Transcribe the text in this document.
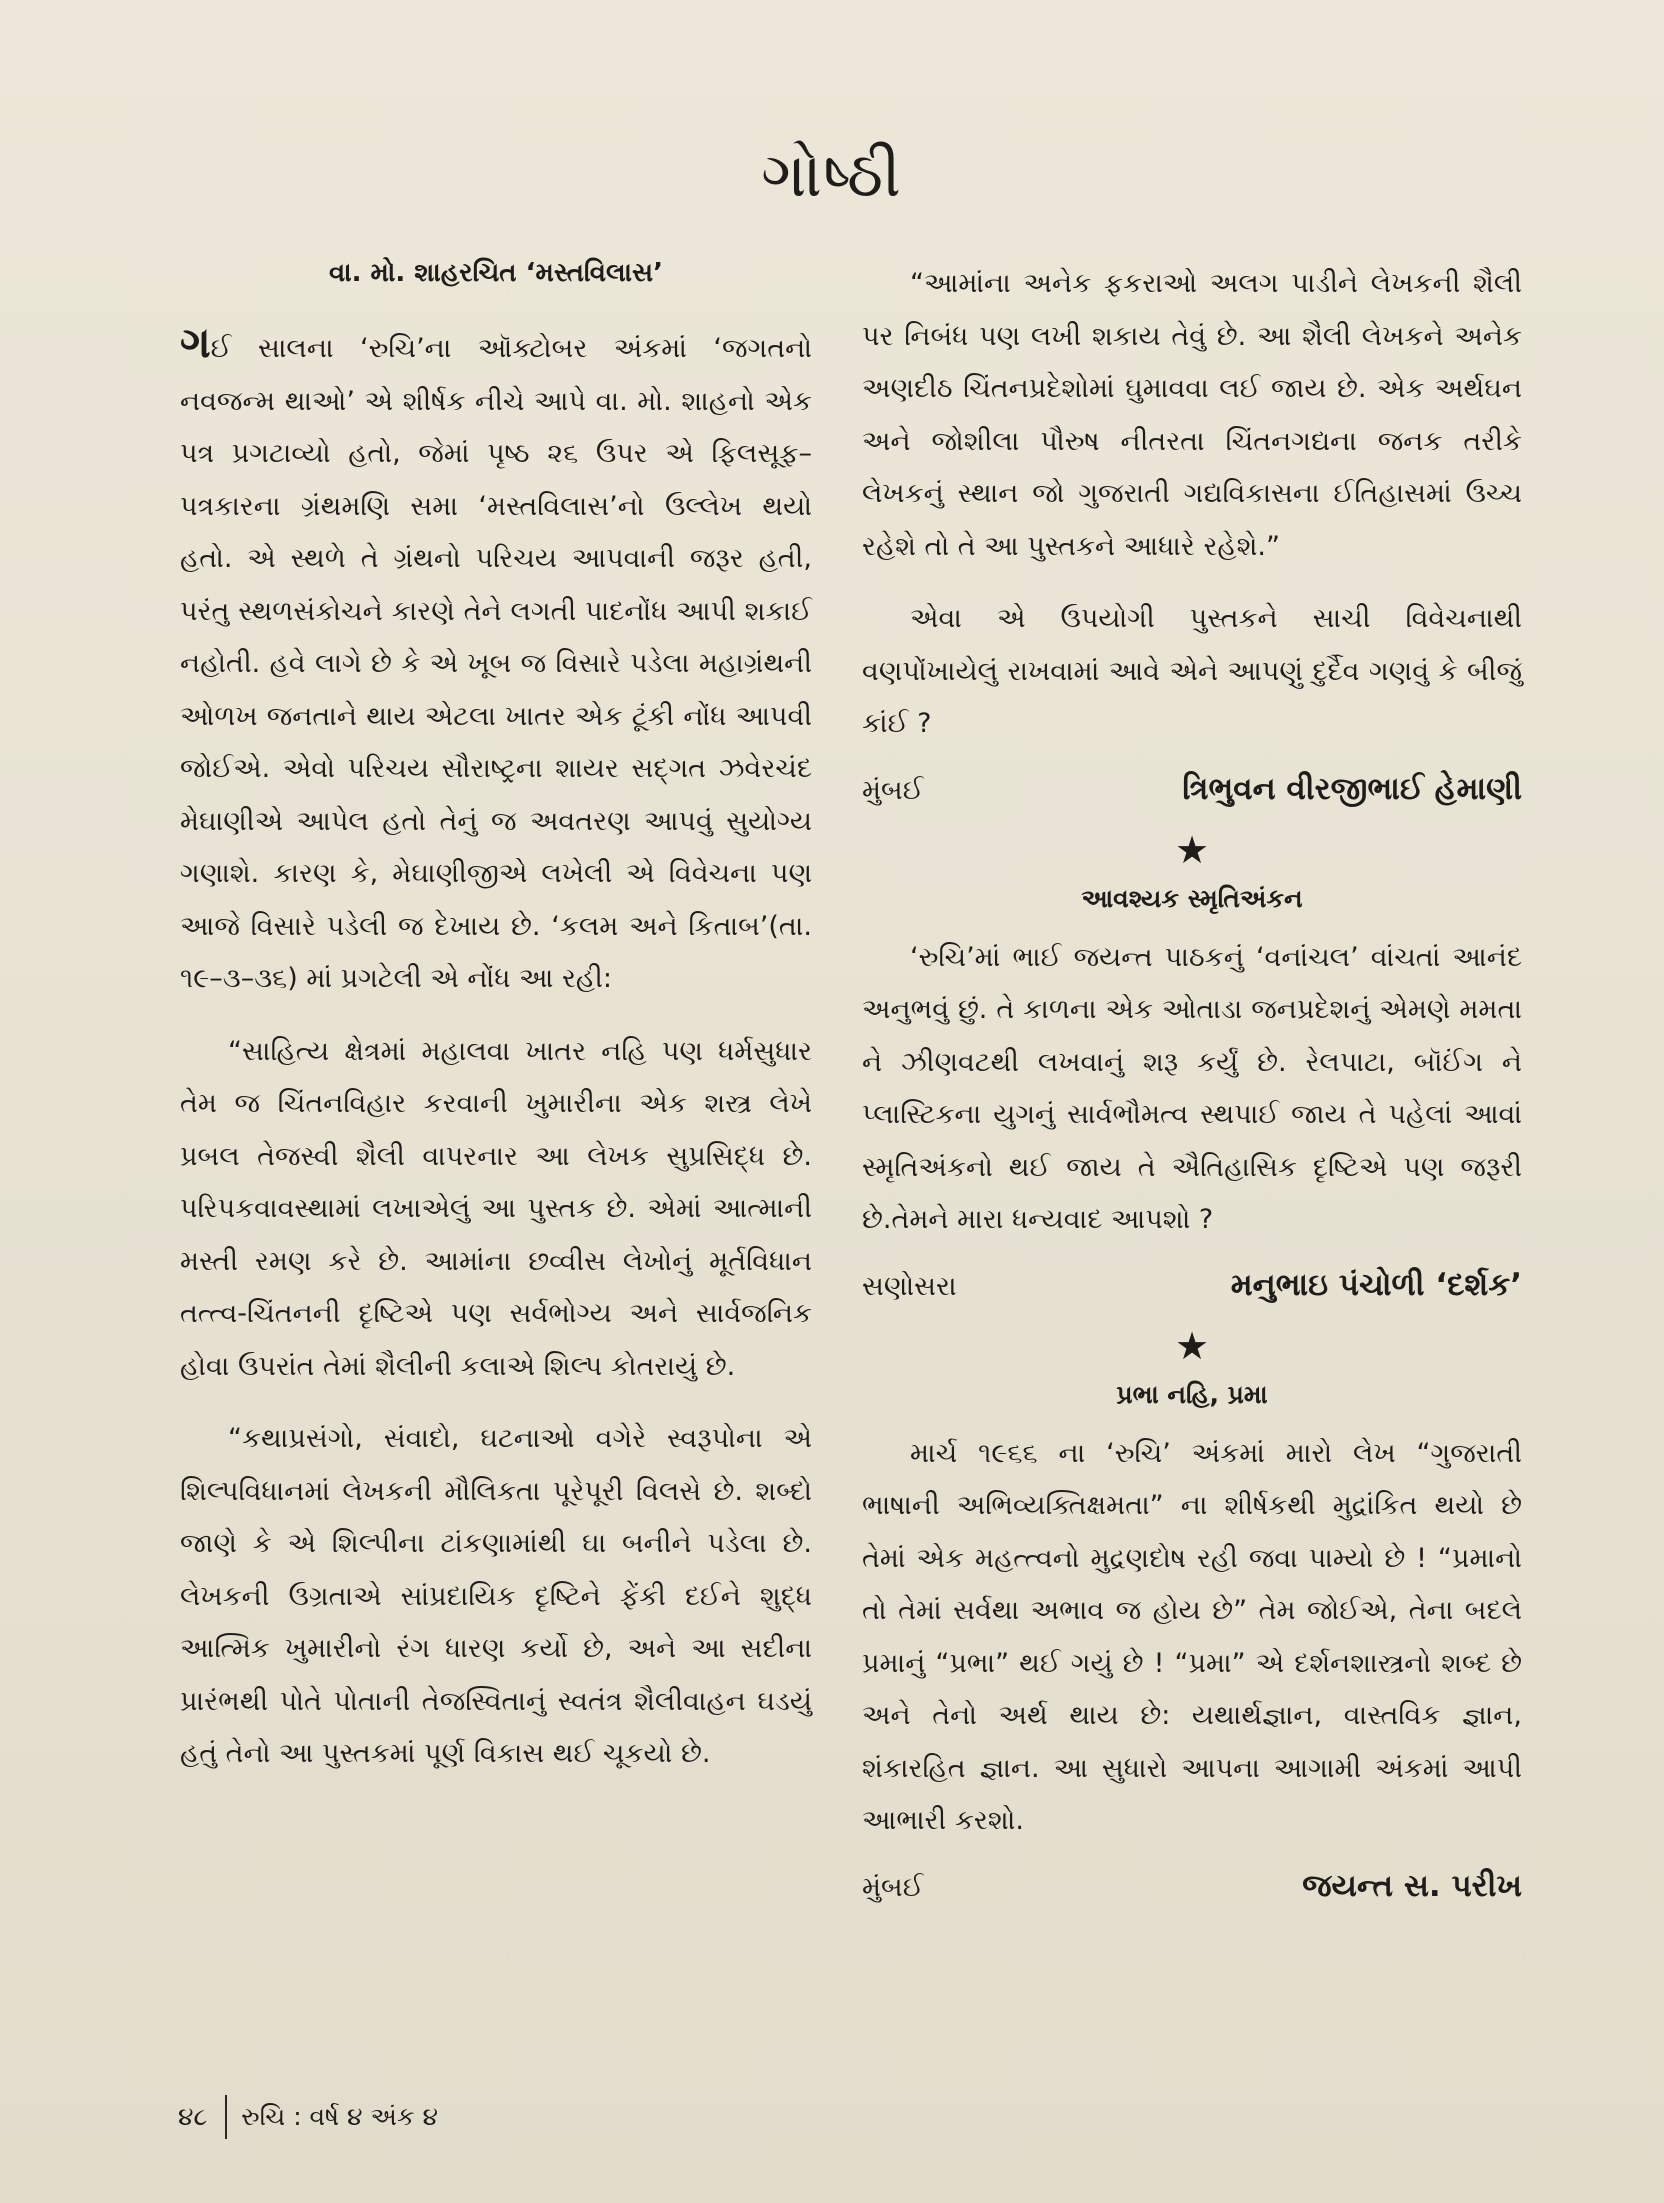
ગોષ્ઠી
વા. મો. શાહરચિત ‘મસ્તવિલાસ’

ગઈ સાલના ‘રુચિ’ના ઑક્ટોબર અંકમાં ‘જગતનો નવજન્મ થાઓ’ એ શીર્ષક નીચે આપે વા. મો. શાહનો એક પત્ર પ્રગટાવ્યો હતો, જેમાં પૃષ્ઠ ૨૬ ઉપર એ ફિલસૂફ–પત્રકારના ગ્રંથમણિ સમા ‘મસ્તવિલાસ’નો ઉલ્લેખ થયો હતો. એ સ્થળે તે ગ્રંથનો પરિચય આપવાની જરૂર હતી, પરંતુ સ્થળસંકોચને કારણે તેને લગતી પાદનોંધ આપી શકાઈ નહોતી. હવે લાગે છે કે એ ખૂબ જ વિસારે પડેલા મહાગ્રંથની ઓળખ જનતાને થાય એટલા ખાતર એક ટૂંકી નોંધ આપવી જોઈએ. એવો પરિચય સૌરાષ્ટ્રના શાયર સદ્‌ગત ઝવેરચંદ મેઘાણીએ આપેલ હતો તેનું જ અવતરણ આપવું સુયોગ્ય ગણાશે. કારણ કે, મેઘાણીજીએ લખેલી એ વિવેચના પણ આજે વિસારે પડેલી જ દેખાય છે. ‘કલમ અને કિતાબ’(તા. ૧૯–૩–૩૬) માં પ્રગટેલી એ નોંધ આ રહી:

“સાહિત્ય ક્ષેત્રમાં મહાલવા ખાતર નહિ પણ ધર્મસુધાર તેમ જ ચિંતનવિહાર કરવાની ખુમારીના એક શસ્ત્ર લેખે પ્રબલ તેજસ્વી શૈલી વાપરનાર આ લેખક સુપ્રસિદ્ધ છે. પરિપકવાવસ્થામાં લખાએલું આ પુસ્તક છે. એમાં આત્માની મસ્તી રમણ કરે છે. આમાંના છવ્વીસ લેખોનું મૂર્તવિધાન તત્ત્વ-ચિંતનની દૃષ્ટિએ પણ સર્વભોગ્ય અને સાર્વજનિક હોવા ઉપરાંત તેમાં શૈલીની કલાએ શિલ્પ કોતરાયું છે.

“કથાપ્રસંગો, સંવાદો, ઘટનાઓ વગેરે સ્વરૂપોના એ શિલ્પવિધાનમાં લેખકની મૌલિકતા પૂરેપૂરી વિલસે છે. શબ્દો જાણે કે એ શિલ્પીના ટાંકણામાંથી ઘા બનીને પડેલા છે. લેખકની ઉગ્રતાએ સાંપ્રદાયિક દૃષ્ટિને ફેંકી દઈને શુદ્ધ આત્મિક ખુમારીનો રંગ ધારણ કર્યો છે, અને આ સદીના પ્રારંભથી પોતે પોતાની તેજસ્વિતાનું સ્વતંત્ર શૈલીવાહન ઘડયું હતું તેનો આ પુસ્તકમાં પૂર્ણ વિકાસ થઈ ચૂકયો છે.

“આમાંના અનેક ફકરાઓ અલગ પાડીને લેખકની શૈલી પર નિબંધ પણ લખી શકાય તેવું છે. આ શૈલી લેખકને અનેક અણદીઠ ચિંતનપ્રદેશોમાં ઘુમાવવા લઈ જાય છે. એક અર્થઘન અને જોશીલા પૌરુષ નીતરતા ચિંતનગદ્યના જનક તરીકે લેખકનું સ્થાન જો ગુજરાતી ગદ્યવિકાસના ઈતિહાસમાં ઉચ્ચ રહેશે તો તે આ પુસ્તકને આધારે રહેશે.”

એવા એ ઉપયોગી પુસ્તકને સાચી વિવેચનાથી વણપોંખાયેલું રાખવામાં આવે એને આપણું દુર્દૈવ ગણવું કે બીજું કાંઈ ?

મુંબઈ	ત્રિભુવન વીરજીભાઈ હેમાણી
★
આવશ્યક સ્મૃતિઅંકન

‘રુચિ’માં ભાઈ જયન્ત પાઠકનું ‘વનાંચલ’ વાંચતાં આનંદ અનુભવું છું. તે કાળના એક ઓતાડા જનપ્રદેશનું એમણે મમતા ને ઝીણવટથી લખવાનું શરૂ કર્યું છે. રેલપાટા, બૉઈંગ ને પ્લાસ્ટિકના યુગનું સાર્વભૌમત્વ સ્થપાઈ જાય તે પહેલાં આવાં સ્મૃતિઅંકનો થઈ જાય તે ઐતિહાસિક દૃષ્ટિએ પણ જરૂરી છે.તેમને મારા ધન્યવાદ આપશો ?

સણોસરા	મનુભાઇ પંચોળી ‘દર્શક’
★
પ્રભા નહિ, પ્રમા

માર્ચ ૧૯૬૬ ના ‘રુચિ’ અંકમાં મારો લેખ “ગુજરાતી ભાષાની અભિવ્યક્તિક્ષમતા” ના શીર્ષકથી મુદ્રાંકિત થયો છે તેમાં એક મહત્ત્વનો મુદ્રણદોષ રહી જવા પામ્યો છે ! “પ્રમાનો તો તેમાં સર્વથા અભાવ જ હોય છે” તેમ જોઈએ, તેના બદલે પ્રમાનું “પ્રભા” થઈ ગયું છે ! “પ્રમા” એ દર્શનશાસ્ત્રનો શબ્દ છે અને તેનો અર્થ થાય છે: યથાર્થજ્ઞાન, વાસ્તવિક જ્ઞાન, શંકારહિત જ્ઞાન. આ સુધારો આપના આગામી અંકમાં આપી આભારી કરશો.

મુંબઈ	જયન્ત સ. પરીખ
૪૮ રુચિ : વર્ષ ૪ અંક ૪
